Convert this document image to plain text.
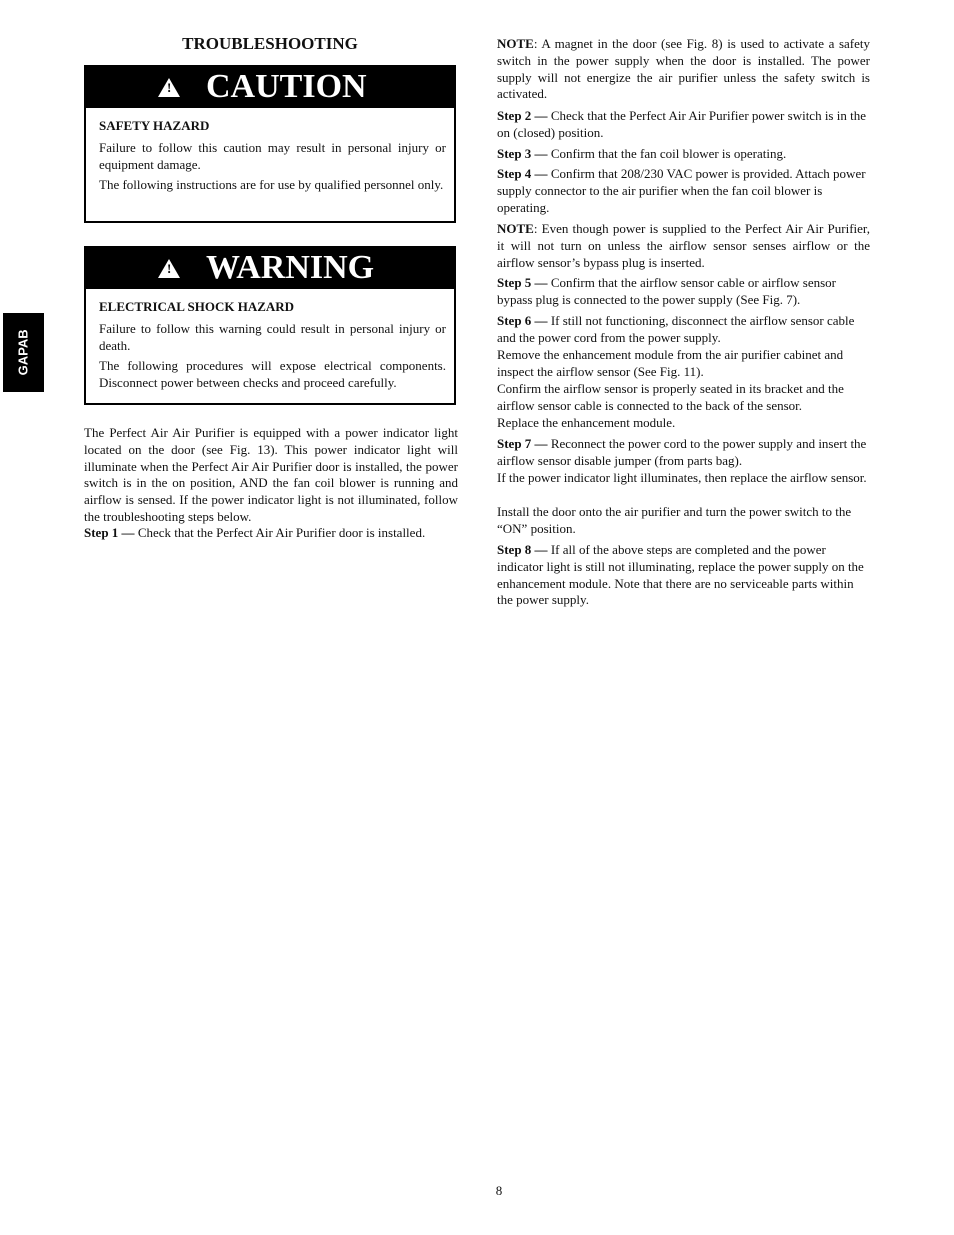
TROUBLESHOOTING
! CAUTION
SAFETY HAZARD

Failure to follow this caution may result in personal injury or equipment damage.

The following instructions are for use by qualified personnel only.

! WARNING
ELECTRICAL SHOCK HAZARD

Failure to follow this warning could result in personal injury or death.

The following procedures will expose electrical components. Disconnect power between checks and proceed carefully.

GAPAB
The Perfect Air Air Purifier is equipped with a power indicator light located on the door (see Fig. 13). This power indicator light will illuminate when the Perfect Air Air Purifier door is installed, the power switch is in the on position, AND the fan coil blower is running and airflow is sensed. If the power indicator light is not illuminated, follow the troubleshooting steps below.
Step 1 — Check that the Perfect Air Air Purifier door is installed.
NOTE: A magnet in the door (see Fig. 8) is used to activate a safety switch in the power supply when the door is installed. The power supply will not energize the air purifier unless the safety switch is activated.
Step 2 — Check that the Perfect Air Air Purifier power switch is in the on (closed) position.
Step 3 — Confirm that the fan coil blower is operating.
Step 4 — Confirm that 208/230 VAC power is provided. Attach power supply connector to the air purifier when the fan coil blower is operating.
NOTE: Even though power is supplied to the Perfect Air Air Purifier, it will not turn on unless the airflow sensor senses airflow or the airflow sensor’s bypass plug is inserted.
Step 5 — Confirm that the airflow sensor cable or airflow sensor bypass plug is connected to the power supply (See Fig. 7).
Step 6 — If still not functioning, disconnect the airflow sensor cable and the power cord from the power supply.
Remove the enhancement module from the air purifier cabinet and inspect the airflow sensor (See Fig. 11).
Confirm the airflow sensor is properly seated in its bracket and the airflow sensor cable is connected to the back of the sensor.
Replace the enhancement module.
Step 7 — Reconnect the power cord to the power supply and insert the airflow sensor disable jumper (from parts bag).
If the power indicator light illuminates, then replace the airflow sensor.
Install the door onto the air purifier and turn the power switch to the “ON” position.
Step 8 — If all of the above steps are completed and the power indicator light is still not illuminating, replace the power supply on the enhancement module. Note that there are no serviceable parts within the power supply.
8
